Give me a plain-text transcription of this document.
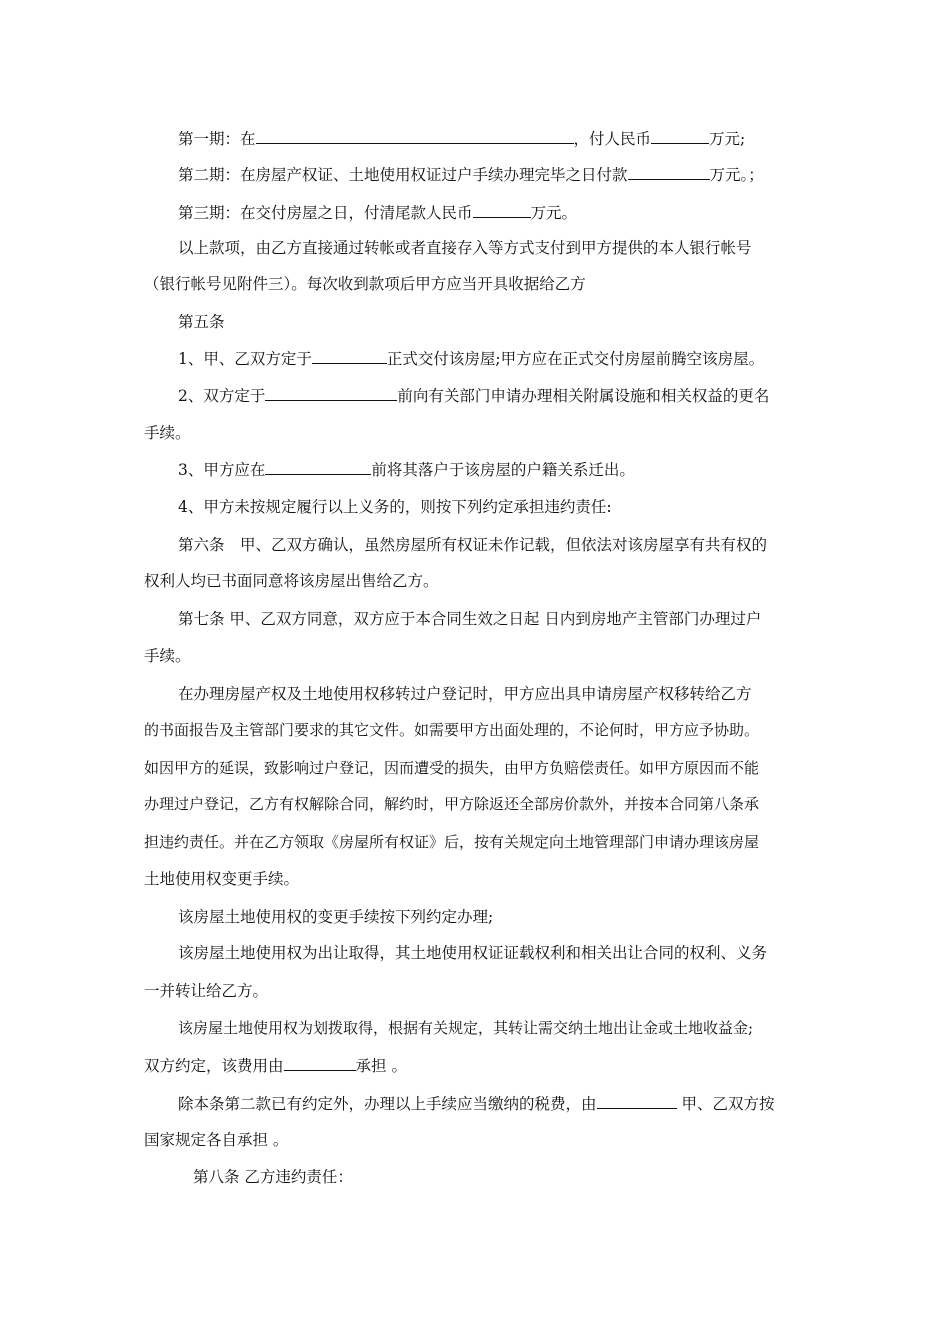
第一期：在	，付人民币	万元;
第二期：在房屋产权证、土地使用权证过户手续办理完毕之日付款	万元。；
第三期：在交付房屋之日，付清尾款人民币	万元。
以上款项，由乙方直接通过转帐或者直接存入等方式支付到甲方提供的本人银行帐号
（银行帐号见附件三）。每次收到款项后甲方应当开具收据给乙方
第五条
1、甲、乙双方定于	正式交付该房屋;甲方应在正式交付房屋前腾空该房屋。
2、双方定于	前向有关部门申请办理相关附属设施和相关权益的更名
手续。
3、甲方应在	前将其落户于该房屋的户籍关系迁出。
4、甲方未按规定履行以上义务的，则按下列约定承担违约责任:
第六条　甲、乙双方确认，虽然房屋所有权证未作记载，但依法对该房屋享有共有权的
权利人均已书面同意将该房屋出售给乙方。
第七条 甲、乙双方同意，双方应于本合同生效之日起 日内到房地产主管部门办理过户
手续。
在办理房屋产权及土地使用权移转过户登记时，甲方应出具申请房屋产权移转给乙方
的书面报告及主管部门要求的其它文件。如需要甲方出面处理的，不论何时，甲方应予协助。
如因甲方的延误，致影响过户登记，因而遭受的损失，由甲方负赔偿责任。如甲方原因而不能
办理过户登记，乙方有权解除合同，解约时，甲方除返还全部房价款外，并按本合同第八条承
担违约责任。并在乙方领取《房屋所有权证》后，按有关规定向土地管理部门申请办理该房屋
土地使用权变更手续。
该房屋土地使用权的变更手续按下列约定办理;
该房屋土地使用权为出让取得，其土地使用权证证载权利和相关出让合同的权利、义务
一并转让给乙方。
该房屋土地使用权为划拨取得，根据有关规定，其转让需交纳土地出让金或土地收益金;
双方约定，该费用由	承担 。
除本条第二款已有约定外，办理以上手续应当缴纳的税费，由	甲、乙双方按
国家规定各自承担 。
第八条 乙方违约责任：
